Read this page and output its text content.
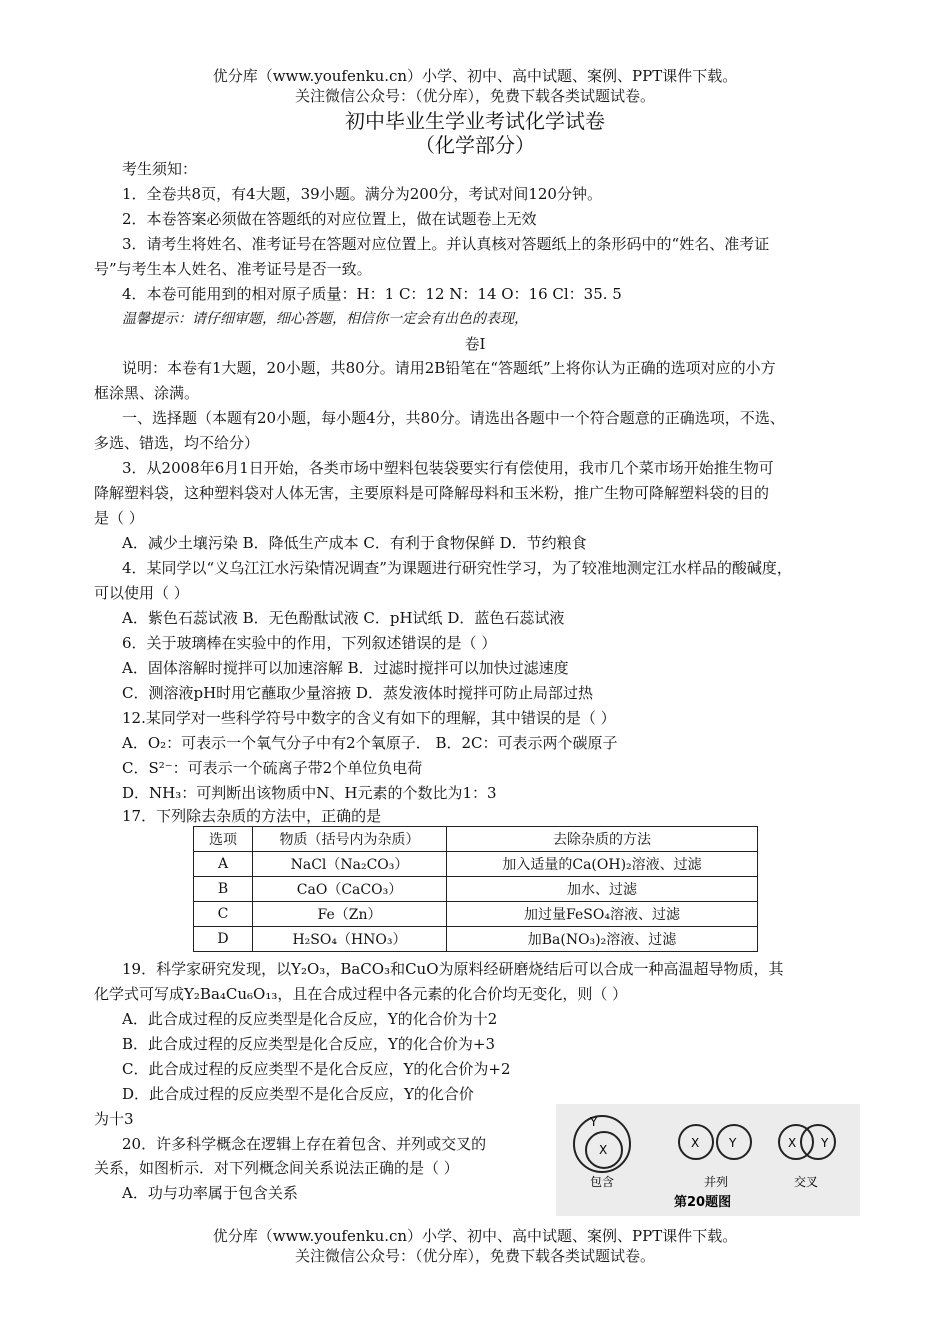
优分库（www.youfenku.cn）小学、初中、高中试题、案例、PPT课件下载。
关注微信公众号：（优分库），免费下载各类试题试卷。
初中毕业生学业考试化学试卷
（化学部分）
考生须知：
1．全卷共8页，有4大题，39小题。满分为200分，考试对间120分钟。
2．本卷答案必须做在答题纸的对应位置上，做在试题卷上无效
3．请考生将姓名、准考证号在答题对应位置上。并认真核对答题纸上的条形码中的“姓名、准考证
号”与考生本人姓名、准考证号是否一致。
4．本卷可能用到的相对原子质量：H：1 C：12 N：14 O：16 Cl：35. 5
温馨提示：请仔细审题，细心答题，相信你一定会有出色的表现，
卷Ⅰ
说明：本卷有1大题，20小题，共80分。请用2B铅笔在“答题纸”上将你认为正确的选项对应的小方
框涂黑、涂满。
一、选择题（本题有20小题，每小题4分，共80分。请选出各题中一个符合题意的正确选项，不选、
多选、错选，均不给分）
3．从2008年6月1日开始，各类市场中塑料包装袋要实行有偿使用，我市几个菜市场开始推生物可
降解塑料袋，这种塑料袋对人体无害，主要原料是可降解母料和玉米粉，推广生物可降解塑料袋的目的
是（ ）
A．减少土壤污染 B．降低生产成本 C．有利于食物保鲜 D．节约粮食
4．某同学以“义乌江江水污染情况调查”为课题进行研究性学习，为了较准地测定江水样品的酸碱度，
可以使用（ ）
A．紫色石蕊试液 B．无色酚酞试液 C．pH试纸 D．蓝色石蕊试液
6．关于玻璃棒在实验中的作用，下列叙述错误的是（ ）
A．固体溶解时搅拌可以加速溶解 B．过滤时搅拌可以加快过滤速度
C．测溶液pH时用它蘸取少量溶掖 D．蒸发液体时搅拌可防止局部过热
12.某同学对一些科学符号中数字的含义有如下的理解，其中错误的是（ ）
A．O₂：可表示一个氧气分子中有2个氧原子． B．2C：可表示两个碳原子
C．S²⁻：可表示一个硫离子带2个单位负电荷
D．NH₃：可判断出该物质中N、H元素的个数比为1：3
17．下列除去杂质的方法中，正确的是
选项	物质（括号内为杂质）	去除杂质的方法
A	NaCl（Na₂CO₃）	加入适量的Ca(OH)₂溶液、过滤
B	CaO（CaCO₃）	加水、过滤
C	Fe（Zn）	加过量FeSO₄溶液、过滤
D	H₂SO₄（HNO₃）	加Ba(NO₃)₂溶液、过滤
19．科学家研究发现，以Y₂O₃，BaCO₃和CuO为原料经研磨烧结后可以合成一种高温超导物质，其
化学式可写成Y₂Ba₄Cu₆O₁₃，且在合成过程中各元素的化合价均无变化，则（ ）
A．此合成过程的反应类型是化合反应，Y的化合价为十2
B．此合成过程的反应类型是化合反应，Y的化合价为+3
C．此合成过程的反应类型不是化合反应，Y的化合价为+2
D．此合成过程的反应类型不是化合反应，Y的化合价
为十3
20．许多科学概念在逻辑上存在着包含、并列或交叉的
关系，如图析示．对下列概念间关系说法正确的是（ ）
A．功与功率属于包含关系
Y
X
包含
X Y
并列
X Y
交叉
第20题图
优分库（www.youfenku.cn）小学、初中、高中试题、案例、PPT课件下载。
关注微信公众号：（优分库），免费下载各类试题试卷。
